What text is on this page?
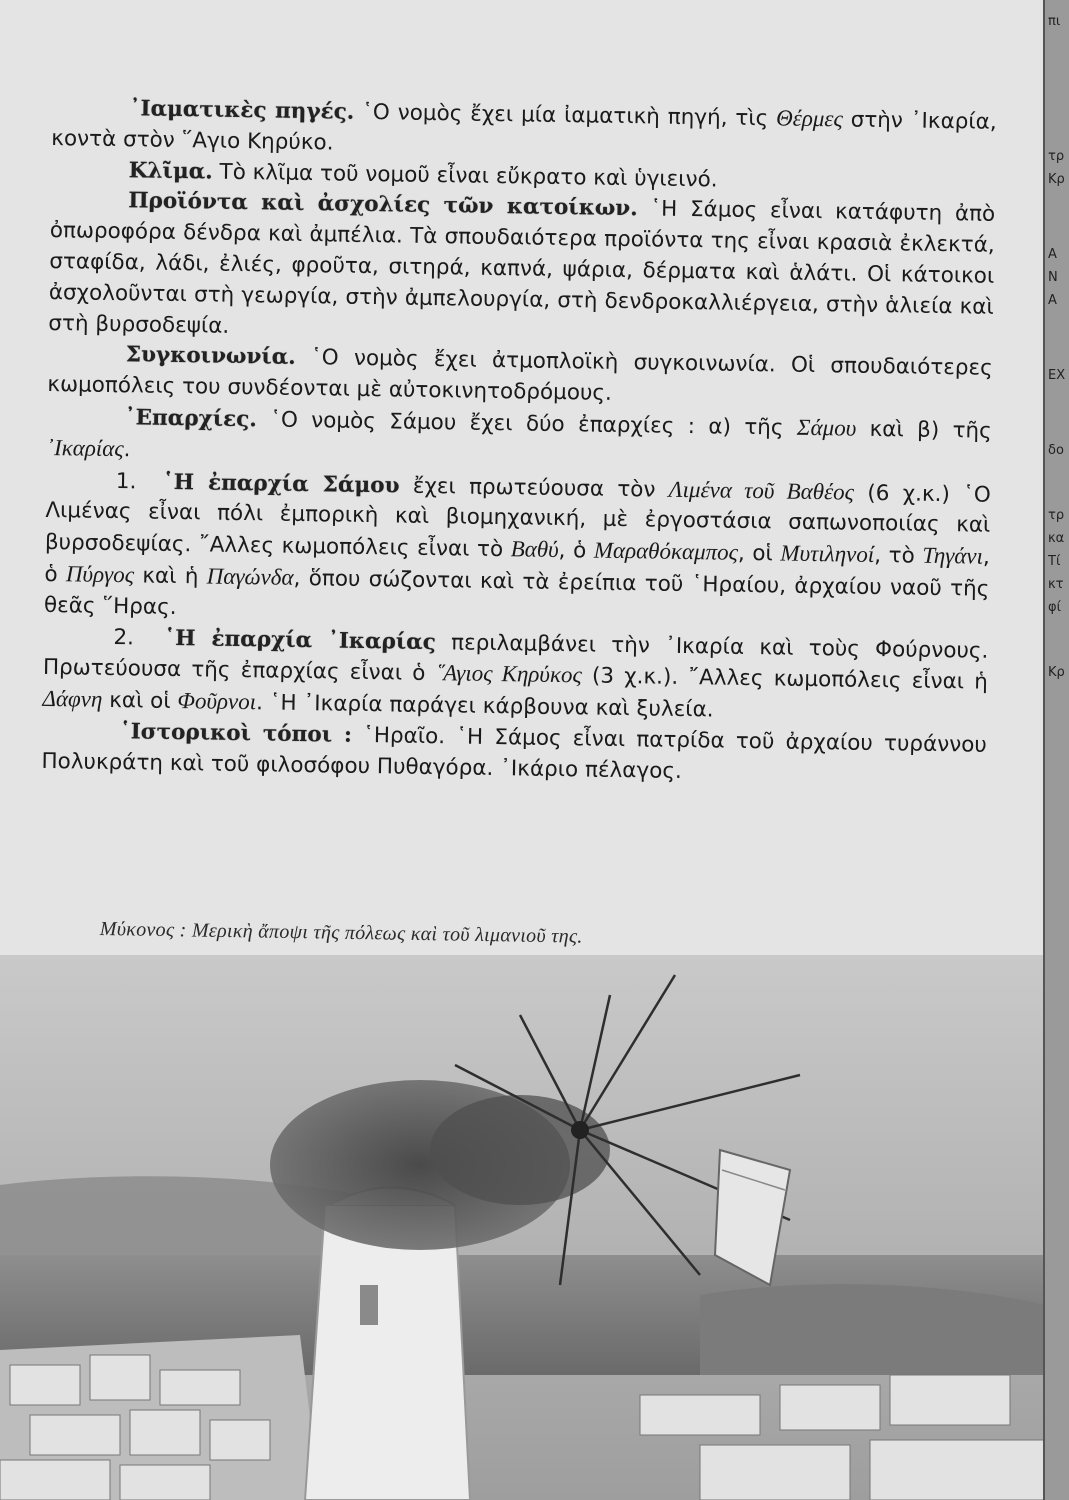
᾿Ιαματικὲς πηγές. ῾Ο νομὸς ἔχει μία ἰαματικὴ πηγή, τὶς Θέρμες στὴν ᾿Ικαρία, κοντὰ στὸν ῞Αγιο Κηρύκο.

Κλῖμα. Τὸ κλῖμα τοῦ νομοῦ εἶναι εὔκρατο καὶ ὑγιεινό.

Προϊόντα καὶ ἀσχολίες τῶν κατοίκων. ῾Η Σάμος εἶναι κατάφυτη ἀπὸ ὀπωροφόρα δένδρα καὶ ἀμπέλια. Τὰ σπουδαιότερα προϊόντα της εἶναι κρασιὰ ἐκλεκτά, σταφίδα, λάδι, ἐλιές, φροῦτα, σιτηρά, καπνά, ψάρια, δέρματα καὶ ἁλάτι. Οἱ κάτοικοι ἀσχολοῦνται στὴ γεωργία, στὴν ἀμπελουργία, στὴ δενδροκαλλιέργεια, στὴν ἁλιεία καὶ στὴ βυρσοδεψία.

Συγκοινωνία. ῾Ο νομὸς ἔχει ἀτμοπλοϊκὴ συγκοινωνία. Οἱ σπουδαιότερες κωμοπόλεις του συνδέονται μὲ αὐτοκινητοδρόμους.

᾿Επαρχίες. ῾Ο νομὸς Σάμου ἔχει δύο ἐπαρχίες : α) τῆς Σάμου καὶ β) τῆς ᾿Ικαρίας.

1. ῾Η ἐπαρχία Σάμου ἔχει πρωτεύουσα τὸν Λιμένα τοῦ Βαθέος (6 χ.κ.) ῾Ο Λιμένας εἶναι πόλι ἐμπορικὴ καὶ βιομηχανική, μὲ ἐργοστάσια σαπωνοποιίας καὶ βυρσοδεψίας. ῎Αλλες κωμοπόλεις εἶναι τὸ Βαθύ, ὁ Μαραθόκαμπος, οἱ Μυτιληνοί, τὸ Τηγάνι, ὁ Πύργος καὶ ἡ Παγώνδα, ὅπου σώζονται καὶ τὰ ἐρείπια τοῦ ῾Ηραίου, ἀρχαίου ναοῦ τῆς θεᾶς ῞Ηρας.

2. ῾Η ἐπαρχία ᾿Ικαρίας περιλαμβάνει τὴν ᾿Ικαρία καὶ τοὺς Φούρνους. Πρωτεύουσα τῆς ἐπαρχίας εἶναι ὁ ῞Αγιος Κηρύκος (3 χ.κ.). ῎Αλλες κωμοπόλεις εἶναι ἡ Δάφνη καὶ οἱ Φοῦρνοι. ῾Η ᾿Ικαρία παράγει κάρβουνα καὶ ξυλεία.

῾Ιστορικοὶ τόποι : ῾Ηραῖο. ῾Η Σάμος εἶναι πατρίδα τοῦ ἀρχαίου τυράννου Πολυκράτη καὶ τοῦ φιλοσόφου Πυθαγόρα. ᾿Ικάριο πέλαγος.

Μύκονος : Μερικὴ ἄποψι τῆς πόλεως καὶ τοῦ λιμανιοῦ της.
πι
τρ
Κρ
Α
Ν
Α
ΕΧ
δο
τρ
κα
Τί
κτ
φί
Κρ
